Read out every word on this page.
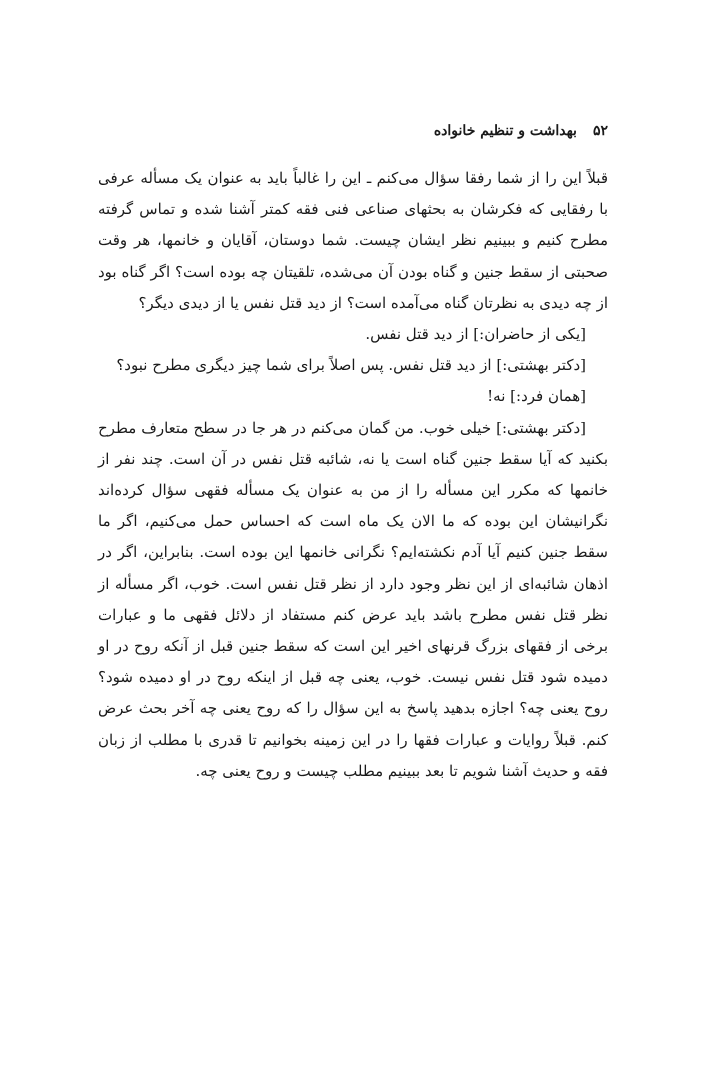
۵۲
بهداشت و تنظیم خانواده

قبلاً این را از شما رفقا سؤال می‌کنم ـ این را غالباً باید به عنوان یک مسأله عرفی با رفقایی که فکرشان به بحثهای صناعی فنی فقه کمتر آشنا شده و تماس گرفته مطرح کنیم و ببینیم نظر ایشان چیست. شما دوستان، آقایان و خانمها، هر وقت صحبتی از سقط جنین و گناه بودن آن می‌شده، تلقیتان چه بوده است؟ اگر گناه بود از چه دیدی به نظرتان گناه می‌آمده است؟ از دید قتل نفس یا از دیدی دیگر؟

[یکی از حاضران:] از دید قتل نفس.

[دکتر بهشتی:] از دید قتل نفس. پس اصلاً برای شما چیز دیگری مطرح نبود؟

[همان فرد:] نه!

[دکتر بهشتی:] خیلی خوب. من گمان می‌کنم در هر جا در سطح متعارف مطرح بکنید که آیا سقط جنین گناه است یا نه، شائبه قتل نفس در آن است. چند نفر از خانمها که مکرر این مسأله را از من به عنوان یک مسأله فقهی سؤال کرده‌اند نگرانیشان این بوده که ما الان یک ماه است که احساس حمل می‌کنیم، اگر ما سقط جنین کنیم آیا آدم نکشته‌ایم؟ نگرانی خانمها این بوده است. بنابراین، اگر در اذهان شائبه‌ای از این نظر وجود دارد از نظر قتل نفس است. خوب، اگر مسأله از نظر قتل نفس مطرح باشد باید عرض کنم مستفاد از دلائل فقهی ما و عبارات برخی از فقهای بزرگ قرنهای اخیر این است که سقط جنین قبل از آنکه روح در او دمیده شود قتل نفس نیست. خوب، یعنی چه قبل از اینکه روح در او دمیده شود؟ روح یعنی چه؟ اجازه بدهید پاسخ به این سؤال را که روح یعنی چه آخر بحث عرض کنم. قبلاً روایات و عبارات فقها را در این زمینه بخوانیم تا قدری با مطلب از زبان فقه و حدیث آشنا شویم تا بعد ببینیم مطلب چیست و روح یعنی چه.
